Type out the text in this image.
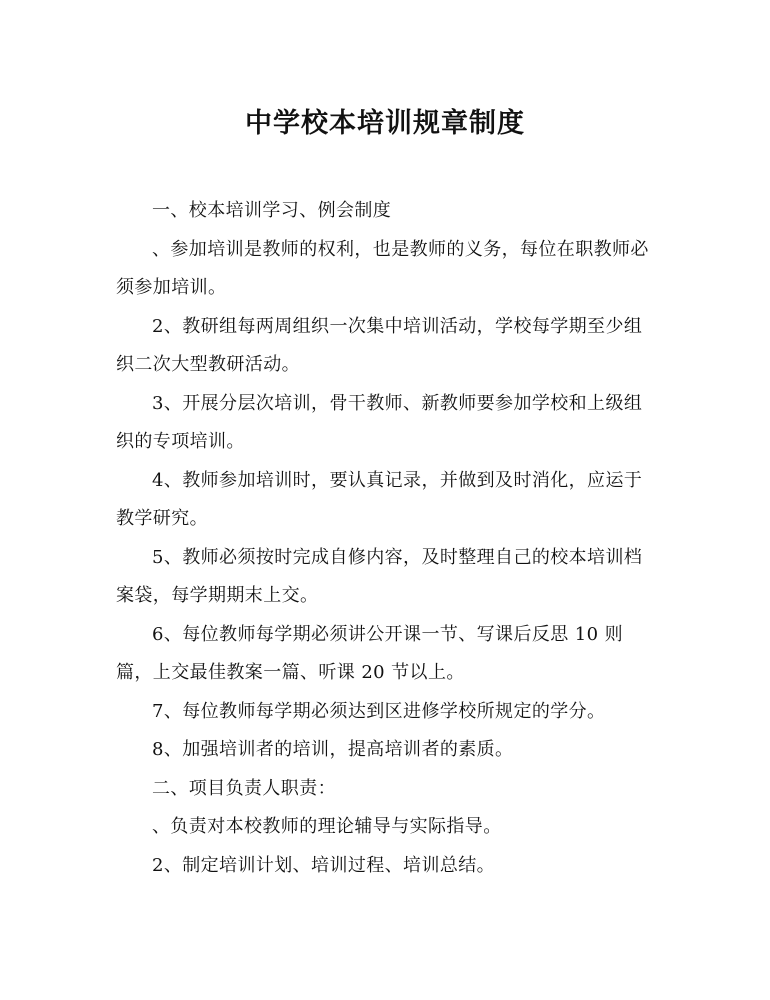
中学校本培训规章制度

一、校本培训学习、例会制度

、参加培训是教师的权利，也是教师的义务，每位在职教师必须参加培训。

2、教研组每两周组织一次集中培训活动，学校每学期至少组织二次大型教研活动。

3、开展分层次培训，骨干教师、新教师要参加学校和上级组织的专项培训。

4、教师参加培训时，要认真记录，并做到及时消化，应运于教学研究。

5、教师必须按时完成自修内容，及时整理自己的校本培训档案袋，每学期期末上交。

6、每位教师每学期必须讲公开课一节、写课后反思 10 则篇，上交最佳教案一篇、听课 20 节以上。

7、每位教师每学期必须达到区进修学校所规定的学分。

8、加强培训者的培训，提高培训者的素质。

二、项目负责人职责：

、负责对本校教师的理论辅导与实际指导。

2、制定培训计划、培训过程、培训总结。
